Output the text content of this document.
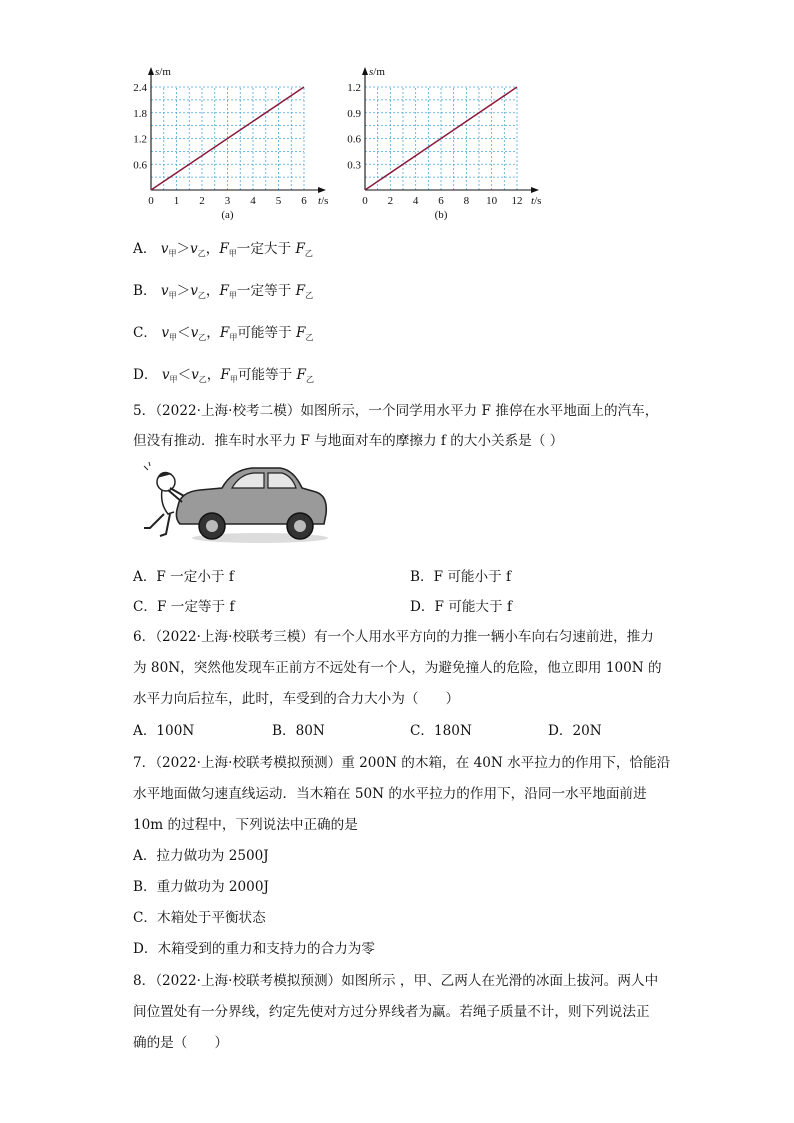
0 1 2 3 4 5 6
0.6
1.2
1.8
2.4
s/m
t/s
(a)
0 2 4 6 8 10 12
0.3
0.6
0.9
1.2
s/m
t/s
(b)
A． $v_甲>v_乙$，$F_甲$一定大于 $F_乙$
B． $v_甲>v_乙$，$F_甲$一定等于 $F_乙$
C． $v_甲<v_乙$，$F_甲$可能等于 $F_乙$
D． $v_甲<v_乙$，$F_甲$可能等于 $F_乙$
5．（2022·上海·校考二模）如图所示，一个同学用水平力 F 推停在水平地面上的汽车，
但没有推动．推车时水平力 F 与地面对车的摩擦力 f 的大小关系是（ ）
A．F 一定小于 f	B．F 可能小于 f
C．F 一定等于 f	D．F 可能大于 f
6．（2022·上海·校联考三模）有一个人用水平方向的力推一辆小车向右匀速前进，推力
为 80N，突然他发现车正前方不远处有一个人，为避免撞人的危险，他立即用 100N 的
水平力向后拉车，此时，车受到的合力大小为（　　）
A．100N	B．80N	C．180N	D．20N
7．（2022·上海·校联考模拟预测）重 200N 的木箱，在 40N 水平拉力的作用下，恰能沿
水平地面做匀速直线运动．当木箱在 50N 的水平拉力的作用下，沿同一水平地面前进
10m 的过程中，下列说法中正确的是
A．拉力做功为 2500J
B．重力做功为 2000J
C．木箱处于平衡状态
D．木箱受到的重力和支持力的合力为零
8．（2022·上海·校联考模拟预测）如图所示 ，甲、乙两人在光滑的冰面上拔河。两人中
间位置处有一分界线，约定先使对方过分界线者为赢。若绳子质量不计，则下列说法正
确的是（　　）
